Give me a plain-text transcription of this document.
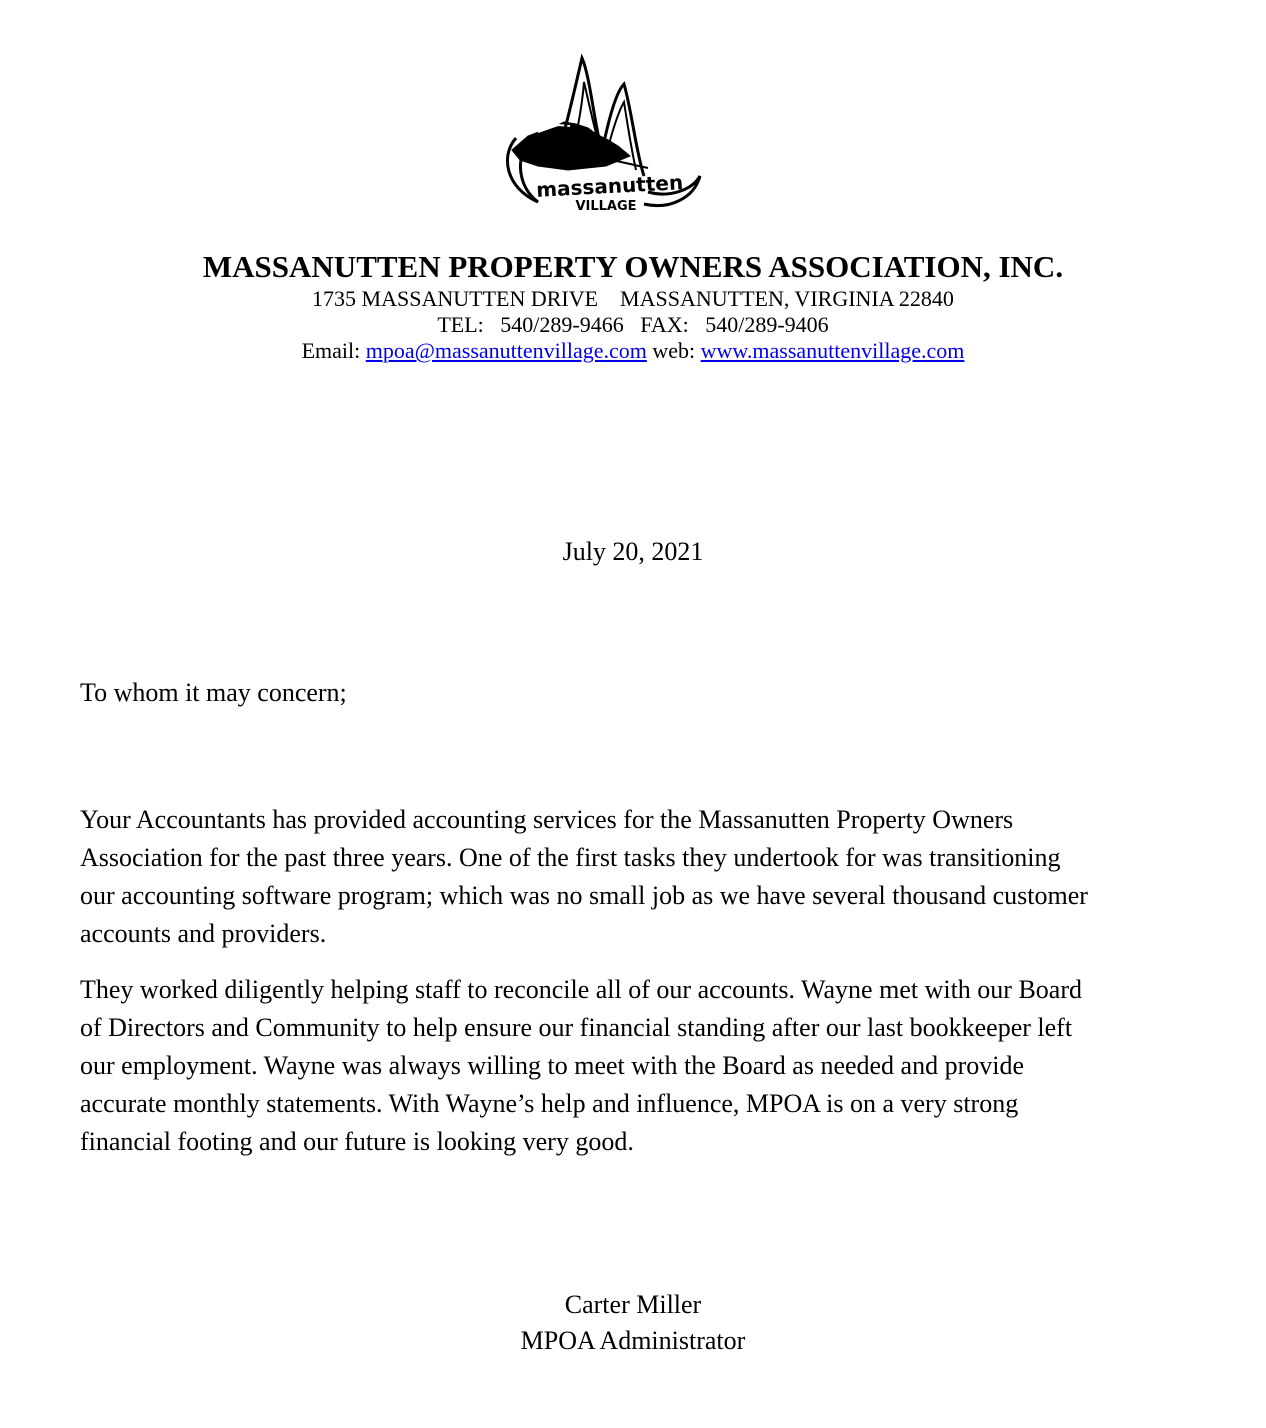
massanutten
VILLAGE
MASSANUTTEN PROPERTY OWNERS ASSOCIATION, INC.
1735 MASSANUTTEN DRIVE    MASSANUTTEN, VIRGINIA 22840
TEL:   540/289-9466   FAX:   540/289-9406
Email: mpoa@massanuttenvillage.com web: www.massanuttenvillage.com
July 20, 2021
To whom it may concern;
Your Accountants has provided accounting services for the Massanutten Property Owners
Association for the past three years. One of the first tasks they undertook for was transitioning
our accounting software program; which was no small job as we have several thousand customer
accounts and providers.
They worked diligently helping staff to reconcile all of our accounts. Wayne met with our Board
of Directors and Community to help ensure our financial standing after our last bookkeeper left
our employment. Wayne was always willing to meet with the Board as needed and provide
accurate monthly statements. With Wayne’s help and influence, MPOA is on a very strong
financial footing and our future is looking very good.
Carter Miller
MPOA Administrator
